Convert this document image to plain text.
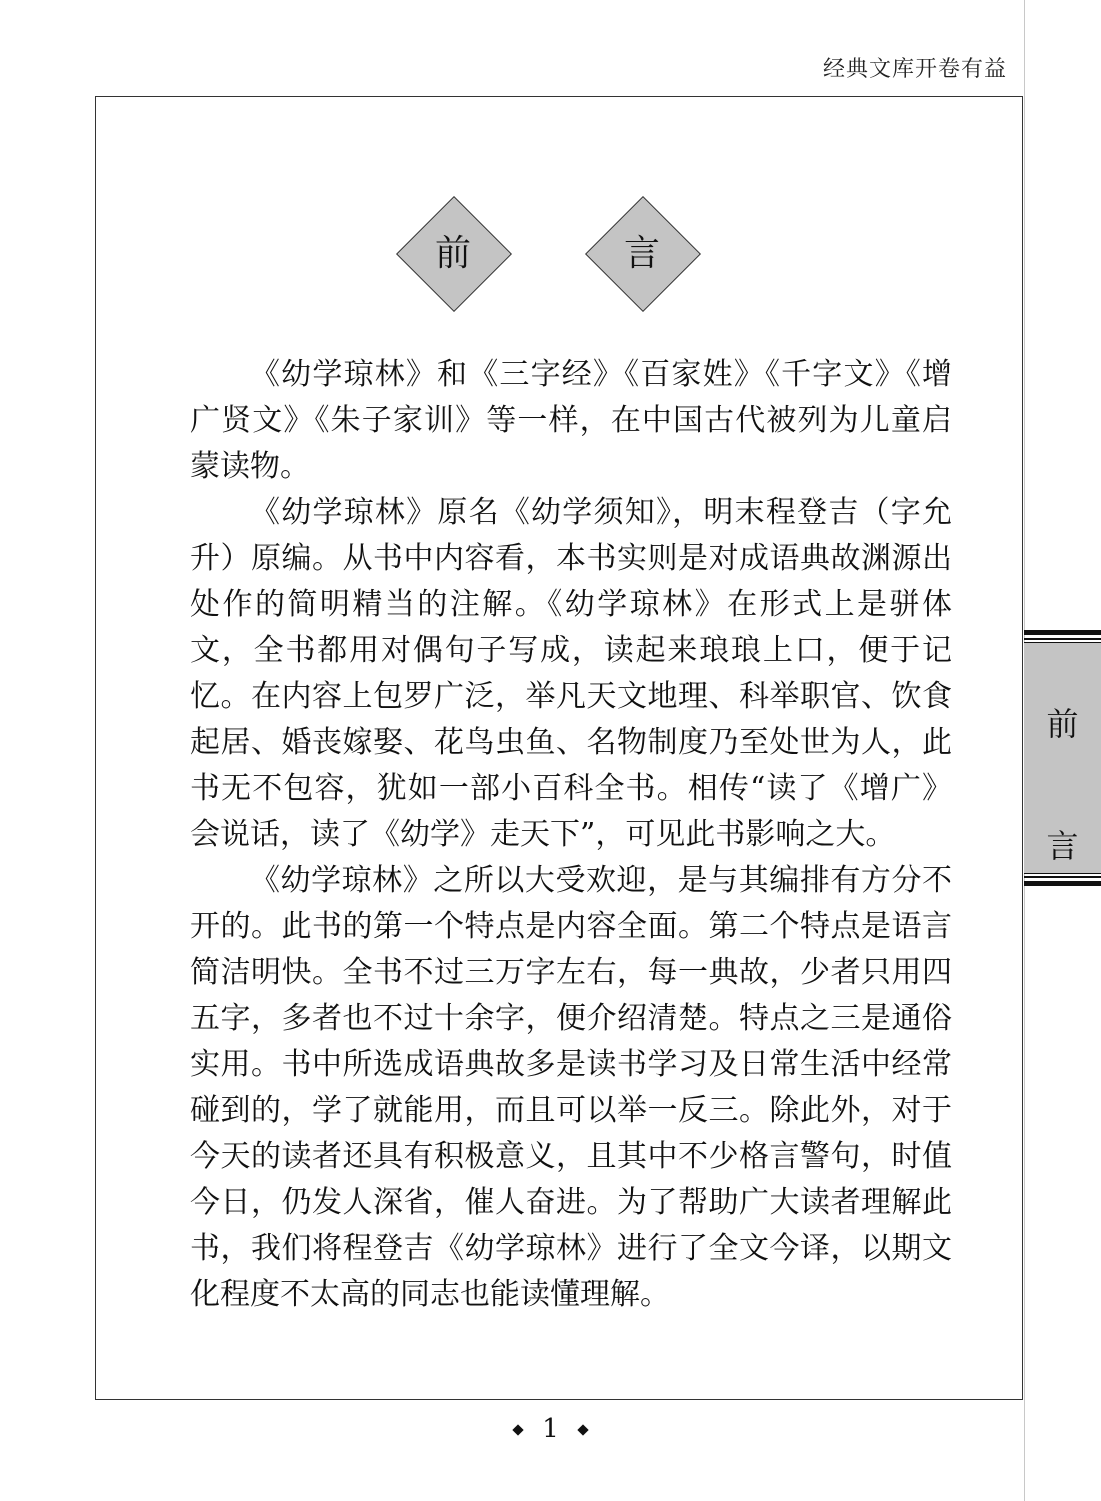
经典文库开卷有益
前	言

《幼学琼林》和《三字经》《百家姓》《千字文》《增广贤文》《朱子家训》等一样，在中国古代被列为儿童启蒙读物。

《幼学琼林》原名《幼学须知》，明末程登吉（字允升）原编。从书中内容看，本书实则是对成语典故渊源出处作的简明精当的注解。《幼学琼林》在形式上是骈体文，全书都用对偶句子写成，读起来琅琅上口，便于记忆。在内容上包罗广泛，举凡天文地理、科举职官、饮食起居、婚丧嫁娶、花鸟虫鱼、名物制度乃至处世为人，此书无不包容，犹如一部小百科全书。相传“读了《增广》会说话，读了《幼学》走天下”，可见此书影响之大。

《幼学琼林》之所以大受欢迎，是与其编排有方分不开的。此书的第一个特点是内容全面。第二个特点是语言简洁明快。全书不过三万字左右，每一典故，少者只用四五字，多者也不过十余字，便介绍清楚。特点之三是通俗实用。书中所选成语典故多是读书学习及日常生活中经常碰到的，学了就能用，而且可以举一反三。除此外，对于今天的读者还具有积极意义，且其中不少格言警句，时值今日，仍发人深省，催人奋进。为了帮助广大读者理解此书，我们将程登吉《幼学琼林》进行了全文今译，以期文化程度不太高的同志也能读懂理解。

前
言
1
